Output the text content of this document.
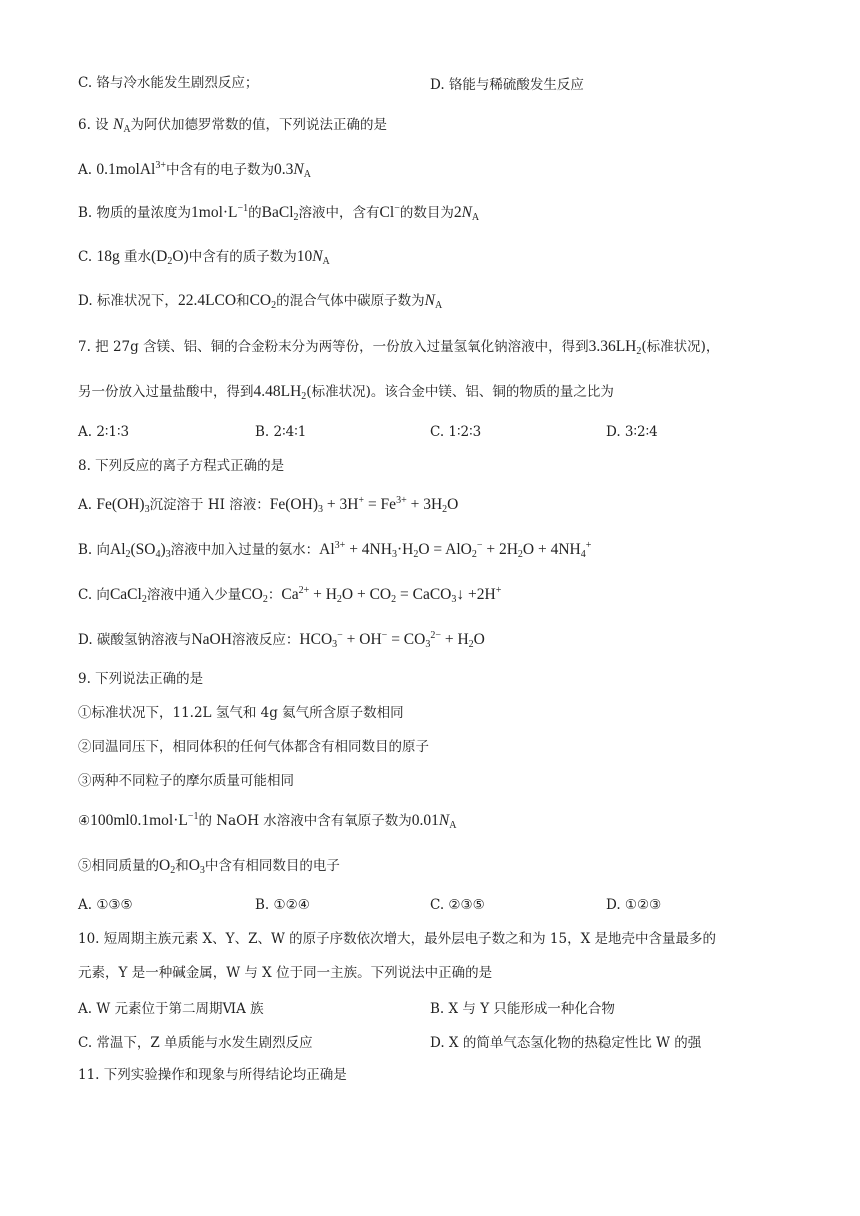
C. 铬与冷水能发生剧烈反应；	D. 铬能与稀硫酸发生反应
6. 设 $N_A$为阿伏加德罗常数的值，下列说法正确的是
A. 0.1molAl$^{3+}$中含有的电子数为$0.3N_A$
B. 物质的量浓度为$1mol\cdot L^{-1}$的BaCl$_2$溶液中，含有Cl−的数目为$2N_A$
C. 18g 重水$(D_2O)$中含有的质子数为$10N_A$
D. 标准状况下，22.4LCO和$CO_2$的混合气体中碳原子数为$N_A$
7. 把 27g 含镁、铝、铜的合金粉末分为两等份，一份放入过量氢氧化钠溶液中，得到$3.36LH_2$(标准状况)，
另一份放入过量盐酸中，得到$4.48LH_2$(标准状况)。该合金中镁、铝、铜的物质的量之比为
A. 2∶1∶3	B. 2∶4∶1	C. 1∶2∶3	D. 3∶2∶4
8. 下列反应的离子方程式正确的是
A. $Fe(OH)_3$沉淀溶于 HI 溶液：$Fe(OH)_3 + 3H^+ = Fe^{3+} + 3H_2O$
B. 向$Al_2(SO_4)_3$溶液中加入过量的氨水：$Al^{3+} + 4NH_3\cdot H_2O = AlO_2^- + 2H_2O + 4NH_4^+$
C. 向CaCl$_2$溶液中通入少量$CO_2$：$Ca^{2+} + H_2O + CO_2$ = CaCO$_3$↓ +2H+
D. 碳酸氢钠溶液与NaOH溶液反应：$HCO_3^- + OH^- = CO_3^{2-} + H_2O$
9. 下列说法正确的是
①标准状况下，11.2L 氢气和 4g 氦气所含原子数相同
②同温同压下，相同体积的任何气体都含有相同数目的原子
③两种不同粒子的摩尔质量可能相同
$④100ml0.1mol\cdot L^{-1}$的 NaOH 水溶液中含有氧原子数为$0.01N_A$
⑤相同质量的$O_2$和$O_3$中含有相同数目的电子
A. ①③⑤	B. ①②④	C. ②③⑤	D. ①②③
10. 短周期主族元素 X、Y、Z、W 的原子序数依次增大，最外层电子数之和为 15，X 是地壳中含量最多的
元素，Y 是一种碱金属，W 与 X 位于同一主族。下列说法中正确的是
A. W 元素位于第二周期ⅥA 族	B. X 与 Y 只能形成一种化合物
C. 常温下，Z 单质能与水发生剧烈反应	D. X 的简单气态氢化物的热稳定性比 W 的强
11. 下列实验操作和现象与所得结论均正确是
